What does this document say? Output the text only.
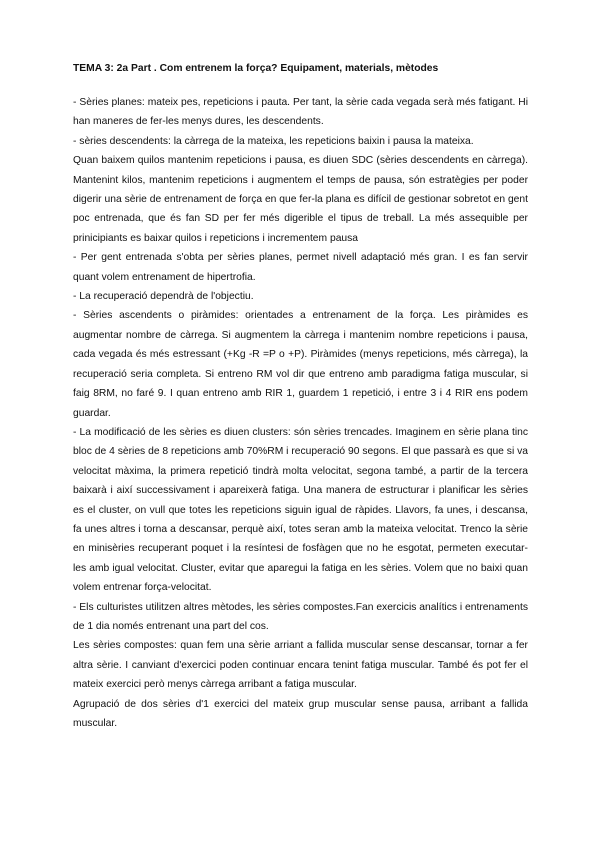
TEMA 3: 2a Part . Com entrenem la força? Equipament, materials, mètodes

- Sèries planes: mateix pes, repeticions i pauta. Per tant, la sèrie cada vegada serà més fatigant. Hi han maneres de fer-les menys dures, les descendents.

- sèries descendents: la càrrega de la mateixa, les repeticions baixin i pausa la mateixa.

Quan baixem quilos mantenim repeticions i pausa, es diuen SDC (sèries descendents en càrrega). Mantenint kilos, mantenim repeticions i augmentem el temps de pausa, són estratègies per poder digerir una sèrie de entrenament de força en que fer-la plana es difícil de gestionar sobretot en gent poc entrenada, que és fan SD per fer més digerible el tipus de treball. La més assequible per prinicipiants es baixar quilos i repeticions i incrementem pausa

- Per gent entrenada s'obta per sèries planes, permet nivell adaptació més gran. I es fan servir quant volem entrenament de hipertrofia.

- La recuperació dependrà de l'objectiu.

- Sèries ascendents o piràmides: orientades a entrenament de la força. Les piràmides es augmentar nombre de càrrega. Si augmentem la càrrega i mantenim nombre repeticions i pausa, cada vegada és més estressant (+Kg -R =P o +P). Piràmides (menys repeticions, més càrrega), la recuperació seria completa. Si entreno RM vol dir que entreno amb paradigma fatiga muscular, si faig 8RM, no faré 9. I quan entreno amb RIR 1, guardem 1 repetició, i entre 3 i 4 RIR ens podem guardar.

- La modificació de les sèries es diuen clusters: són sèries trencades. Imaginem en sèrie plana tinc bloc de 4 sèries de 8 repeticions amb 70%RM i recuperació 90 segons. El que passarà es que si va velocitat màxima, la primera repetició tindrà molta velocitat, segona també, a partir de la tercera baixarà i així successivament i apareixerà fatiga. Una manera de estructurar i planificar les sèries es el cluster, on vull que totes les repeticions siguin igual de ràpides. Llavors, fa unes, i descansa, fa unes altres i torna a descansar, perquè així, totes seran amb la mateixa velocitat. Trenco la sèrie en minisèries recuperant poquet i la resíntesi de fosfàgen que no he esgotat, permeten executar-les amb igual velocitat. Cluster, evitar que aparegui la fatiga en les sèries. Volem que no baixi quan volem entrenar força-velocitat.

- Els culturistes utilitzen altres mètodes, les sèries compostes.Fan exercicis analítics i entrenaments de 1 dia només entrenant una part del cos.

Les sèries compostes: quan fem una sèrie arriant a fallida muscular sense descansar, tornar a fer altra sèrie. I canviant d'exercici poden continuar encara tenint fatiga muscular. També és pot fer el mateix exercici però menys càrrega arribant a fatiga muscular.

Agrupació de dos sèries d'1 exercici del mateix grup muscular sense pausa, arribant a fallida muscular.
